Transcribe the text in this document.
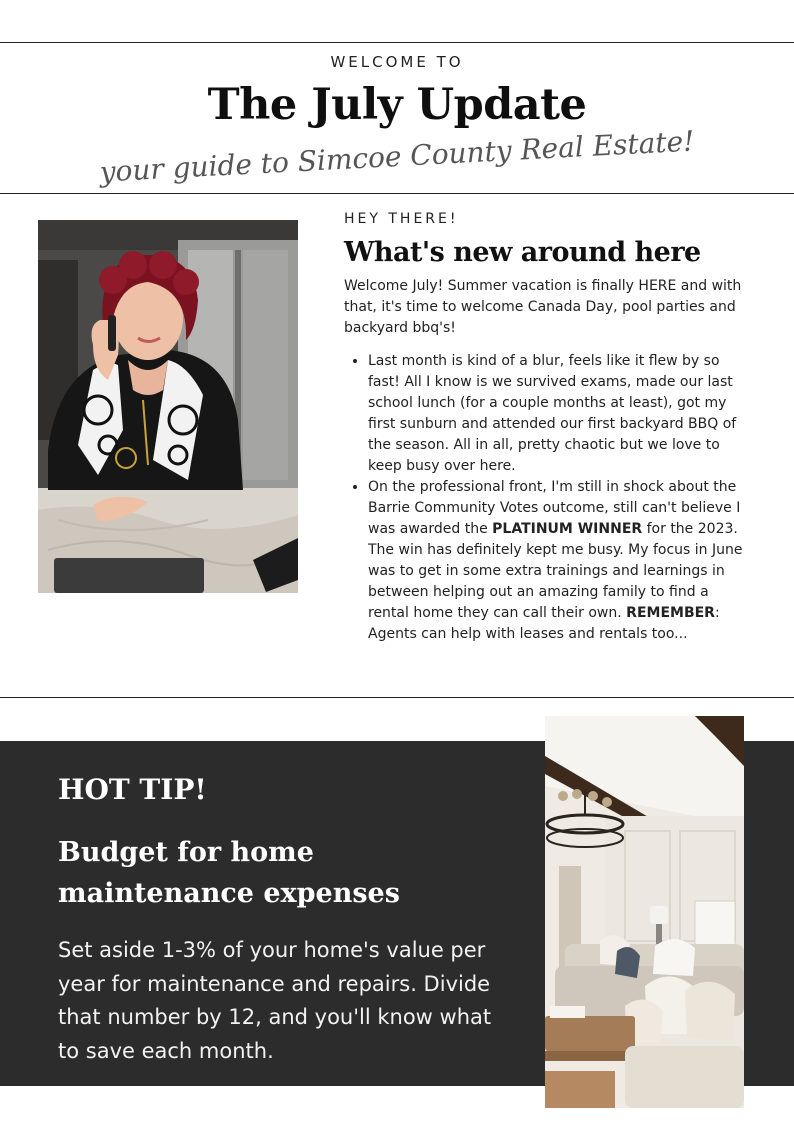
WELCOME TO
The July Update
your guide to Simcoe County Real Estate!
HEY THERE!
What's new around here

Welcome July! Summer vacation is finally HERE and with that, it's time to welcome Canada Day, pool parties and backyard bbq's!

• Last month is kind of a blur, feels like it flew by so fast! All I know is we survived exams, made our last school lunch (for a couple months at least), got my first sunburn and attended our first backyard BBQ of the season. All in all, pretty chaotic but we love to keep busy over here.
• On the professional front, I'm still in shock about the Barrie Community Votes outcome, still can't believe I was awarded the PLATINUM WINNER for the 2023. The win has definitely kept me busy. My focus in June was to get in some extra trainings and learnings in between helping out an amazing family to find a rental home they can call their own. REMEMBER: Agents can help with leases and rentals too...
HOT TIP!
Budget for home maintenance expenses
Set aside 1-3% of your home's value per year for maintenance and repairs. Divide that number by 12, and you'll know what to save each month.
